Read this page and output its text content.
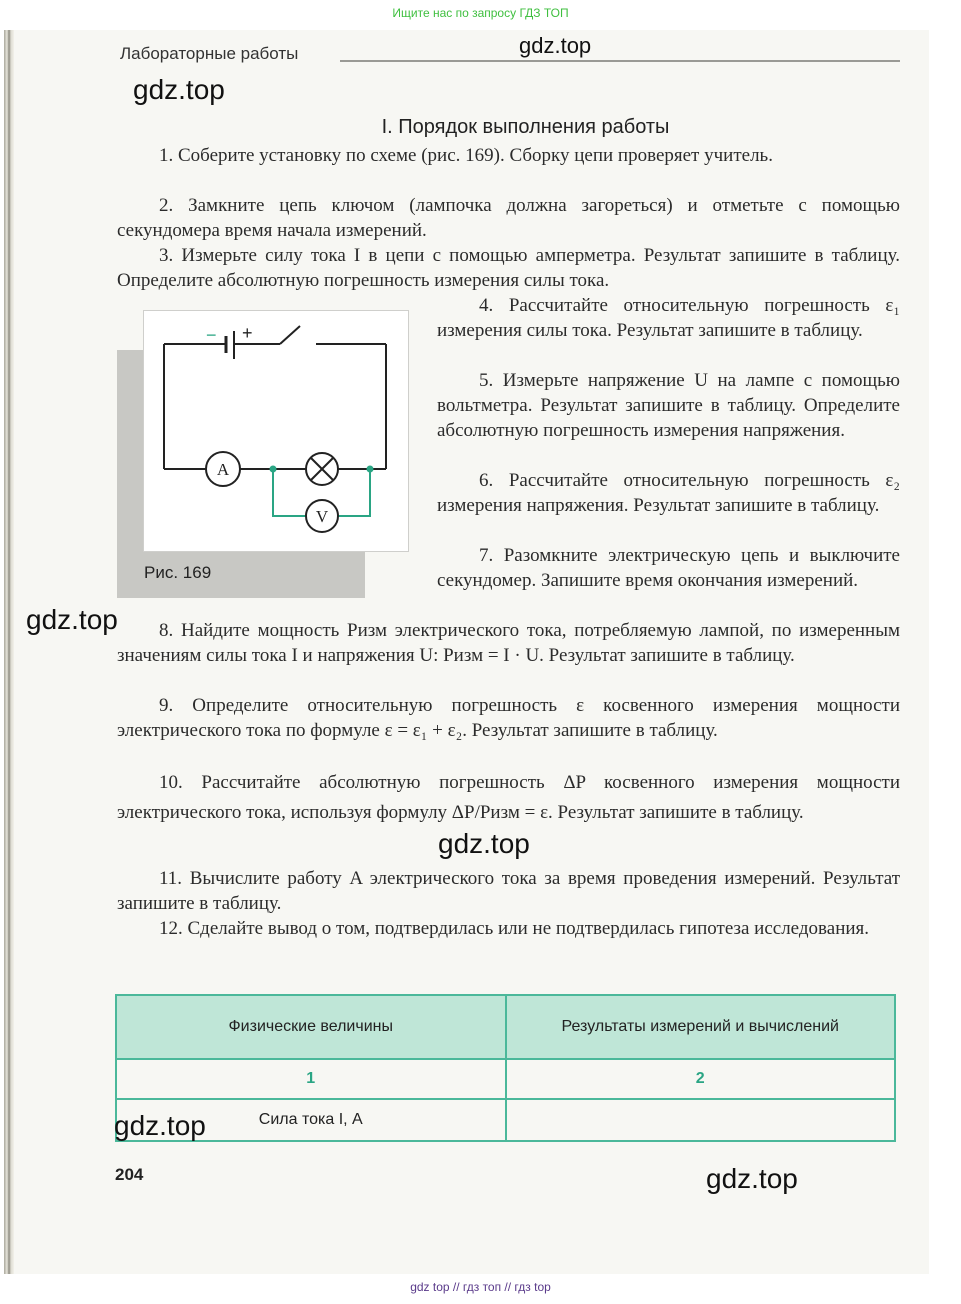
Ищите нас по запросу ГДЗ ТОП
Лабораторные работы	gdz.top
gdz.top
I. Порядок выполнения работы
1. Соберите установку по схеме (рис. 169). Сборку цепи проверяет учитель.
2. Замкните цепь ключом (лампочка должна загореться) и отметьте с помощью секундомера время начала измерений.
3. Измерьте силу тока I в цепи с помощью амперметра. Результат запишите в таблицу. Определите абсолютную погрешность измерения силы тока.
4. Рассчитайте относительную погрешность ε₁ измерения силы тока. Результат запишите в таблицу.
5. Измерьте напряжение U на лампе с помощью вольтметра. Результат запишите в таблицу. Определите абсолютную погрешность измерения напряжения.
6. Рассчитайте относительную погрешность ε₂ измерения напряжения. Результат запишите в таблицу.
7. Разомкните электрическую цепь и выключите секундомер. Запишите время окончания измерений.
8. Найдите мощность Pизм электрического тока, потребляемую лампой, по измеренным значениям силы тока I и напряжения U: Pизм = I · U. Результат запишите в таблицу.
9. Определите относительную погрешность ε косвенного измерения мощности электрического тока по формуле ε = ε₁ + ε₂. Результат запишите в таблицу.
10. Рассчитайте абсолютную погрешность ΔP косвенного измерения мощности электрического тока, используя формулу ΔP/Pизм = ε. Результат запишите в таблицу.
11. Вычислите работу A электрического тока за время проведения измерений. Результат запишите в таблицу.
12. Сделайте вывод о том, подтвердилась или не подтвердилась гипотеза исследования.
gdz.top
gdz.top
− +
A
V
Рис. 169
Физические величины	Результаты измерений и вычислений
1	2
Сила тока I, А	
gdz.top
204	gdz.top
gdz top // гдз топ // гдз top
